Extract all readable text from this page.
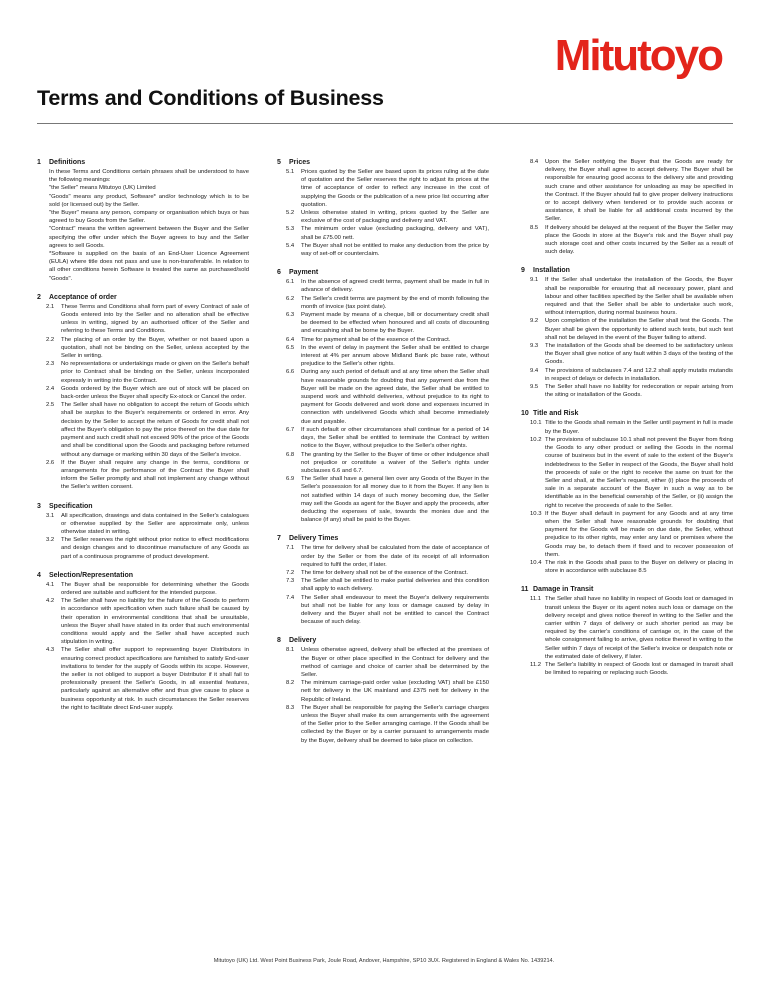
Mitutoyo
Terms and Conditions of Business
1 Definitions

In these Terms and Conditions certain phrases shall be understood to have the following meanings:

"the Seller" means Mitutoyo (UK) Limited

"Goods" means any product, Software* and/or technology which is to be sold (or licensed out) by the Seller.

"the Buyer" means any person, company or organisation which buys or has agreed to buy Goods from the Seller.

"Contract" means the written agreement between the Buyer and the Seller specifying the offer under which the Buyer agrees to buy and the Seller agrees to sell Goods.

*Software is supplied on the basis of an End-User Licence Agreement (EULA) where title does not pass and use is non-transferable. In relation to all other conditions herein Software is treated the same as purchased/sold "Goods".

2 Acceptance of order
2.1	These Terms and Conditions shall form part of every Contract of sale of Goods entered into by the Seller and no alteration shall be effective unless in writing, signed by an authorised officer of the Seller and referring to these Terms and Conditions.
2.2	The placing of an order by the Buyer, whether or not based upon a quotation, shall not be binding on the Seller, unless accepted by the Seller in writing.
2.3	No representations or undertakings made or given on the Seller's behalf prior to Contract shall be binding on the Seller, unless incorporated expressly in writing into the Contract.
2.4	Goods ordered by the Buyer which are out of stock will be placed on back-order unless the Buyer shall specify Ex-stock or Cancel the order.
2.5	The Seller shall have no obligation to accept the return of Goods which shall be surplus to the Buyer's requirements or ordered in error. Any decision by the Seller to accept the return of Goods for credit shall not affect the Buyer's obligation to pay the price thereof on the due date for payment and such credit shall not exceed 90% of the price of the Goods and shall be conditional upon the Goods and packaging before returned without any damage or marking within 30 days of the Seller's invoice.
2.6	If the Buyer shall require any change in the terms, conditions or arrangements for the performance of the Contract the Buyer shall inform the Seller promptly and shall not implement any change without the Seller's written consent.
3 Specification
3.1	All specification, drawings and data contained in the Seller's catalogues or otherwise supplied by the Seller are approximate only, unless otherwise stated in writing.
3.2	The Seller reserves the right without prior notice to effect modifications and design changes and to discontinue manufacture of any Goods as part of a continuous programme of product development.
4 Selection/Representation
4.1	The Buyer shall be responsible for determining whether the Goods ordered are suitable and sufficient for the intended purpose.
4.2	The Seller shall have no liability for the failure of the Goods to perform in accordance with specification when such failure shall be caused by their operation in environmental conditions that shall be unsuitable, unless the Buyer shall have stated in its order that such environmental conditions would apply and the Seller shall have accepted such stipulation in writing.
4.3	The Seller shall offer support to representing buyer Distributors in ensuring correct product specifications are furnished to satisfy End-user invitations to tender for the supply of Goods within its scope. However, the seller is not obliged to support a buyer Distributor if it shall fail to professionally present the Seller's Goods, in all essential features, particularly against an alternative offer and thus give cause to place a business opportunity at risk. In such circumstances the Seller reserves the right to facilitate direct End-user supply.
5 Prices
5.1	Prices quoted by the Seller are based upon its prices ruling at the date of quotation and the Seller reserves the right to adjust its prices at the time of acceptance of order to reflect any increase in the cost of supplying the Goods or the publication of a new price list occurring after quotation.
5.2	Unless otherwise stated in writing, prices quoted by the Seller are exclusive of the cost of packaging and delivery and VAT.
5.3	The minimum order value (excluding packaging, delivery and VAT), shall be £75.00 nett.
5.4	The Buyer shall not be entitled to make any deduction from the price by way of set-off or counterclaim.
6 Payment
6.1	In the absence of agreed credit terms, payment shall be made in full in advance of delivery.
6.2	The Seller's credit terms are payment by the end of month following the month of invoice (tax point date).
6.3	Payment made by means of a cheque, bill or documentary credit shall be deemed to be effected when honoured and all costs of discounting and encashing shall be borne by the Buyer.
6.4	Time for payment shall be of the essence of the Contract.
6.5	In the event of delay in payment the Seller shall be entitled to charge interest at 4% per annum above Midland Bank plc base rate, without prejudice to the Seller's other rights.
6.6	During any such period of default and at any time when the Seller shall have reasonable grounds for doubting that any payment due from the Buyer will be made on the agreed date, the Seller shall be entitled to suspend work and withhold deliveries, without prejudice to its right to payment for Goods delivered and work done and expenses incurred in connection with undelivered Goods which shall become immediately due and payable.
6.7	If such default or other circumstances shall continue for a period of 14 days, the Seller shall be entitled to terminate the Contract by written notice to the Buyer, without prejudice to the Seller's other rights.
6.8	The granting by the Seller to the Buyer of time or other indulgence shall not prejudice or constitute a waiver of the Seller's rights under subclauses 6.6 and 6.7.
6.9	The Seller shall have a general lien over any Goods of the Buyer in the Seller's possession for all money due to it from the Buyer. If any lien is not satisfied within 14 days of such money becoming due, the Seller may sell the Goods as agent for the Buyer and apply the proceeds, after deducting the expenses of sale, towards the monies due and the balance (if any) shall be paid to the Buyer.
7 Delivery Times
7.1	The time for delivery shall be calculated from the date of acceptance of order by the Seller or from the date of its receipt of all information required to fulfil the order, if later.
7.2	The time for delivery shall not be of the essence of the Contract.
7.3	The Seller shall be entitled to make partial deliveries and this condition shall apply to each delivery.
7.4	The Seller shall endeavour to meet the Buyer's delivery requirements but shall not be liable for any loss or damage caused by delay in delivery and the Buyer shall not be entitled to cancel the Contract because of such delay.
8 Delivery
8.1	Unless otherwise agreed, delivery shall be effected at the premises of the Buyer or other place specified in the Contract for delivery and the method of carriage and choice of carrier shall be determined by the Seller.
8.2	The minimum carriage-paid order value (excluding VAT) shall be £150 nett for delivery in the UK mainland and £375 nett for delivery in the Republic of Ireland.
8.3	The Buyer shall be responsible for paying the Seller's carriage charges unless the Buyer shall make its own arrangements with the agreement of the Seller prior to the Seller arranging carriage. If the Goods shall be collected by the Buyer or by a carrier pursuant to arrangements made by the Buyer, delivery shall be deemed to take place on collection.
8.4	Upon the Seller notifying the Buyer that the Goods are ready for delivery, the Buyer shall agree to accept delivery. The Buyer shall be responsible for ensuring good access to the delivery site and providing such crane and other assistance for unloading as may be specified in the Contract. If the Buyer should fail to give proper delivery instructions or to accept delivery when tendered or to provide such access or assistance, it shall be liable for all additional costs incurred by the Seller.
8.5	If delivery should be delayed at the request of the Buyer the Seller may place the Goods in store at the Buyer's risk and the Buyer shall pay such storage cost and other costs incurred by the Seller as a result of such delay.
9 Installation
9.1	If the Seller shall undertake the installation of the Goods, the Buyer shall be responsible for ensuring that all necessary power, plant and labour and other facilities specified by the Seller shall be available when required and that the Seller shall be able to undertake such work, without interruption, during normal business hours.
9.2	Upon completion of the installation the Seller shall test the Goods. The Buyer shall be given the opportunity to attend such tests, but such test shall not be delayed in the event of the Buyer failing to attend.
9.3	The installation of the Goods shall be deemed to be satisfactory unless the Buyer shall give notice of any fault within 3 days of the testing of the Goods.
9.4	The provisions of subclauses 7.4 and 12.2 shall apply mutatis mutandis in respect of delays or defects in installation.
9.5	The Seller shall have no liability for redecoration or repair arising from the siting or installation of the Goods.
10 Title and Risk
10.1 Title to the Goods shall remain in the Seller until payment in full is made by the Buyer.
10.2 The provisions of subclause 10.1 shall not prevent the Buyer from fixing the Goods to any other product or selling the Goods in the normal course of business but in the event of sale to the extent of the Buyer's indebtedness to the Seller in respect of the Goods, the Buyer shall hold the proceeds of sale or the right to receive the same on trust for the Seller and shall, at the Seller's request, either (i) place the proceeds of sale in a separate account of the Buyer in such a way as to be identifiable as in the beneficial ownership of the Seller, or (ii) assign the right to receive the proceeds of sale to the Seller.
10.3 If the Buyer shall default in payment for any Goods and at any time when the Seller shall have reasonable grounds for doubting that payment for the Goods will be made on due date, the Seller, without prejudice to its other rights, may enter any land or premises where the Goods may be, to detach them if fixed and to recover possession of them.
10.4 The risk in the Goods shall pass to the Buyer on delivery or placing in store in accordance with subclause 8.5
11 Damage in Transit
11.1 The Seller shall have no liability in respect of Goods lost or damaged in transit unless the Buyer or its agent notes such loss or damage on the delivery receipt and gives notice thereof in writing to the Seller and the carrier within 7 days of delivery or such shorter period as may be required by the carrier's conditions of carriage or, in the case of the whole consignment failing to arrive, gives notice thereof in writing to the Seller within 7 days of receipt of the Seller's invoice or despatch note or the estimated date of delivery, if later.
11.2 The Seller's liability in respect of Goods lost or damaged in transit shall be limited to repairing or replacing such Goods.
Mitutoyo (UK) Ltd. West Point Business Park, Joule Road, Andover, Hampshire, SP10 3UX. Registered in England & Wales No. 1439214.
